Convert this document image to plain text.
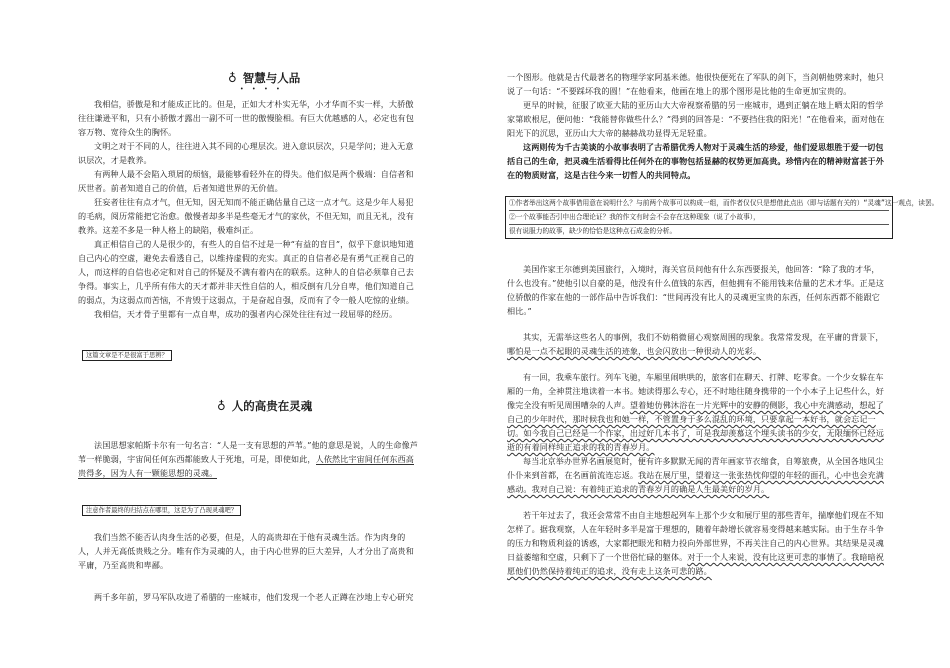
♁ 智慧与人品
••••

我相信，骄傲是和才能成正比的。但是，正如大才朴实无华，小才华而不实一样，大骄傲往往谦逊平和，只有小骄傲才露出一副不可一世的傲慢脸相。有巨大优越感的人，必定也有包容万物、宽待众生的胸怀。

文明之对于不同的人，往往进入其不同的心理层次。进入意识层次，只是学问；进入无意识层次，才是教养。

有两种人最不会陷入琐屑的烦恼，最能够看轻外在的得失。他们似是两个极端：自信者和厌世者。前者知道自己的价值，后者知道世界的无价值。

狂妄者往往有点才气，但无知，因无知而不能正确估量自己这一点才气。这是少年人易犯的毛病，阅历常能把它治愈。傲慢者却多半是些毫无才气的家伙，不但无知，而且无礼，没有教养。这差不多是一种人格上的缺陷，极难纠正。

真正相信自己的人是很少的，有些人的自信不过是一种“有益的盲目”，似乎下意识地知道自己内心的空虚，避免去看透自己，以维持虚假的充实。真正的自信者必是有勇气正视自己的人，而这样的自信也必定和对自己的怀疑及不满有着内在的联系。这种人的自信必须靠自己去争得。事实上，几乎所有伟大的天才都并非天性自信的人，相反倒有几分自卑，他们知道自己的弱点，为这弱点而苦恼，不肯毁于这弱点，于是奋起自强，反而有了令一般人吃惊的业绩。

我相信，天才骨子里都有一点自卑，成功的强者内心深处往往有过一段屈辱的经历。

这篇文章是不是很富于思辨？
♁ 人的高贵在灵魂

法国思想家帕斯卡尔有一句名言：“人是一支有思想的芦苇。”他的意思是说，人的生命像芦苇一样脆弱，宇宙间任何东西都能致人于死地，可是，即使如此，人依然比宇宙间任何东西高贵得多，因为人有一颗能思想的灵魂。

注意作者最终的归结点在哪里，这是为了凸现灵魂吧？

我们当然不能否认肉身生活的必要，但是，人的高贵却在于他有灵魂生活。作为肉身的人，人并无高低贵贱之分。唯有作为灵魂的人，由于内心世界的巨大差异，人才分出了高贵和平庸，乃至高贵和卑鄙。

两千多年前，罗马军队攻进了希腊的一座城市，他们发现一个老人正蹲在沙地上专心研究

一个图形。他就是古代最著名的物理学家阿基米德。他很快便死在了军队的剑下，当剑朝他劈来时，他只说了一句话：“不要踩坏我的圆！”在他看来，他画在地上的那个图形是比他的生命更加宝贵的。

更早的时候，征服了欧亚大陆的亚历山大大帝视察希腊的另一座城市，遇到正躺在地上晒太阳的哲学家第欧根尼，便问他：“我能替你做些什么？”得到的回答是：“不要挡住我的阳光！”在他看来，面对他在阳光下的沉思，亚历山大大帝的赫赫战功显得无足轻重。

这两则传为千古美谈的小故事表明了古希腊优秀人物对于灵魂生活的珍爱，他们爱思想胜于爱一切包括自己的生命，把灵魂生活看得比任何外在的事物包括显赫的权势更加高贵。珍惜内在的精神财富甚于外在的物质财富，这是古往今来一切哲人的共同特点。

①作者举出这两个故事借用意在说明什么？与前两个故事可以构成一组，而作者仅仅只是想借此点出（即与话题有关的）“灵魂”这一观点，读罢。
②一个故事能否引申出合理论证？我的作文有时会不会存在这种现象（说了小故事），
很有说服力的故事，缺少的恰恰是这种点石成金的分析。

美国作家王尔德到美国旅行，入境时，海关官员问他有什么东西要报关，他回答：“除了我的才华，什么也没有。”使他引以自豪的是，他没有什么值钱的东西，但他拥有不能用钱来估量的艺术才华。正是这位骄傲的作家在他的一部作品中告诉我们：“世间再没有比人的灵魂更宝贵的东西，任何东西都不能跟它相比。”

其实，无需举这些名人的事例，我们不妨稍微留心观察周围的现象。我常常发现，在平庸的背景下，哪怕是一点不起眼的灵魂生活的迹象，也会闪放出一种很动人的光彩。

有一回，我乘车旅行。列车飞驰，车厢里闹哄哄的，旅客们在聊天、打牌、吃零食。一个少女躲在车厢的一角，全神贯注地读着一本书。她读得那么专心，还不时地往随身携带的一个小本子上记些什么，好像完全没有听见周围嘈杂的人声。望着她仿佛沐浴在一片光辉中的安静的侧影，我心中充满感动，想起了自己的少年时代，那时候我也和她一样，不管置身于多么混乱的环境，只要拿起一本好书，就会忘记一切。如今我自己已经是一个作家，出过好几本书了，可是我却羡慕这个埋头读书的少女，无限缅怀已经远逝的有着同样纯正追求的我的青春岁月。

每当北京举办世界名画展览时，便有许多默默无闻的青年画家节衣缩食，自筹旅费，从全国各地风尘仆仆来到首都，在名画前流连忘返。我站在展厅里，望着这一张张热忱仰望的年轻的面孔，心中也会充满感动。我对自己说：有着纯正追求的青春岁月的确是人生最美好的岁月。

若干年过去了，我还会常常不由自主地想起列车上那个少女和展厅里的那些青年，揣摩他们现在不知怎样了。据我观察，人在年轻时多半是富于理想的，随着年龄增长就容易变得越来越实际。由于生存斗争的压力和物质利益的诱惑，大家都把眼光和精力投向外部世界，不再关注自己的内心世界。其结果是灵魂日益萎缩和空虚，只剩下了一个世俗忙碌的躯体。对于一个人来说，没有比这更可悲的事情了。我暗暗祝愿他们仍然保持着纯正的追求，没有走上这条可悲的路。
